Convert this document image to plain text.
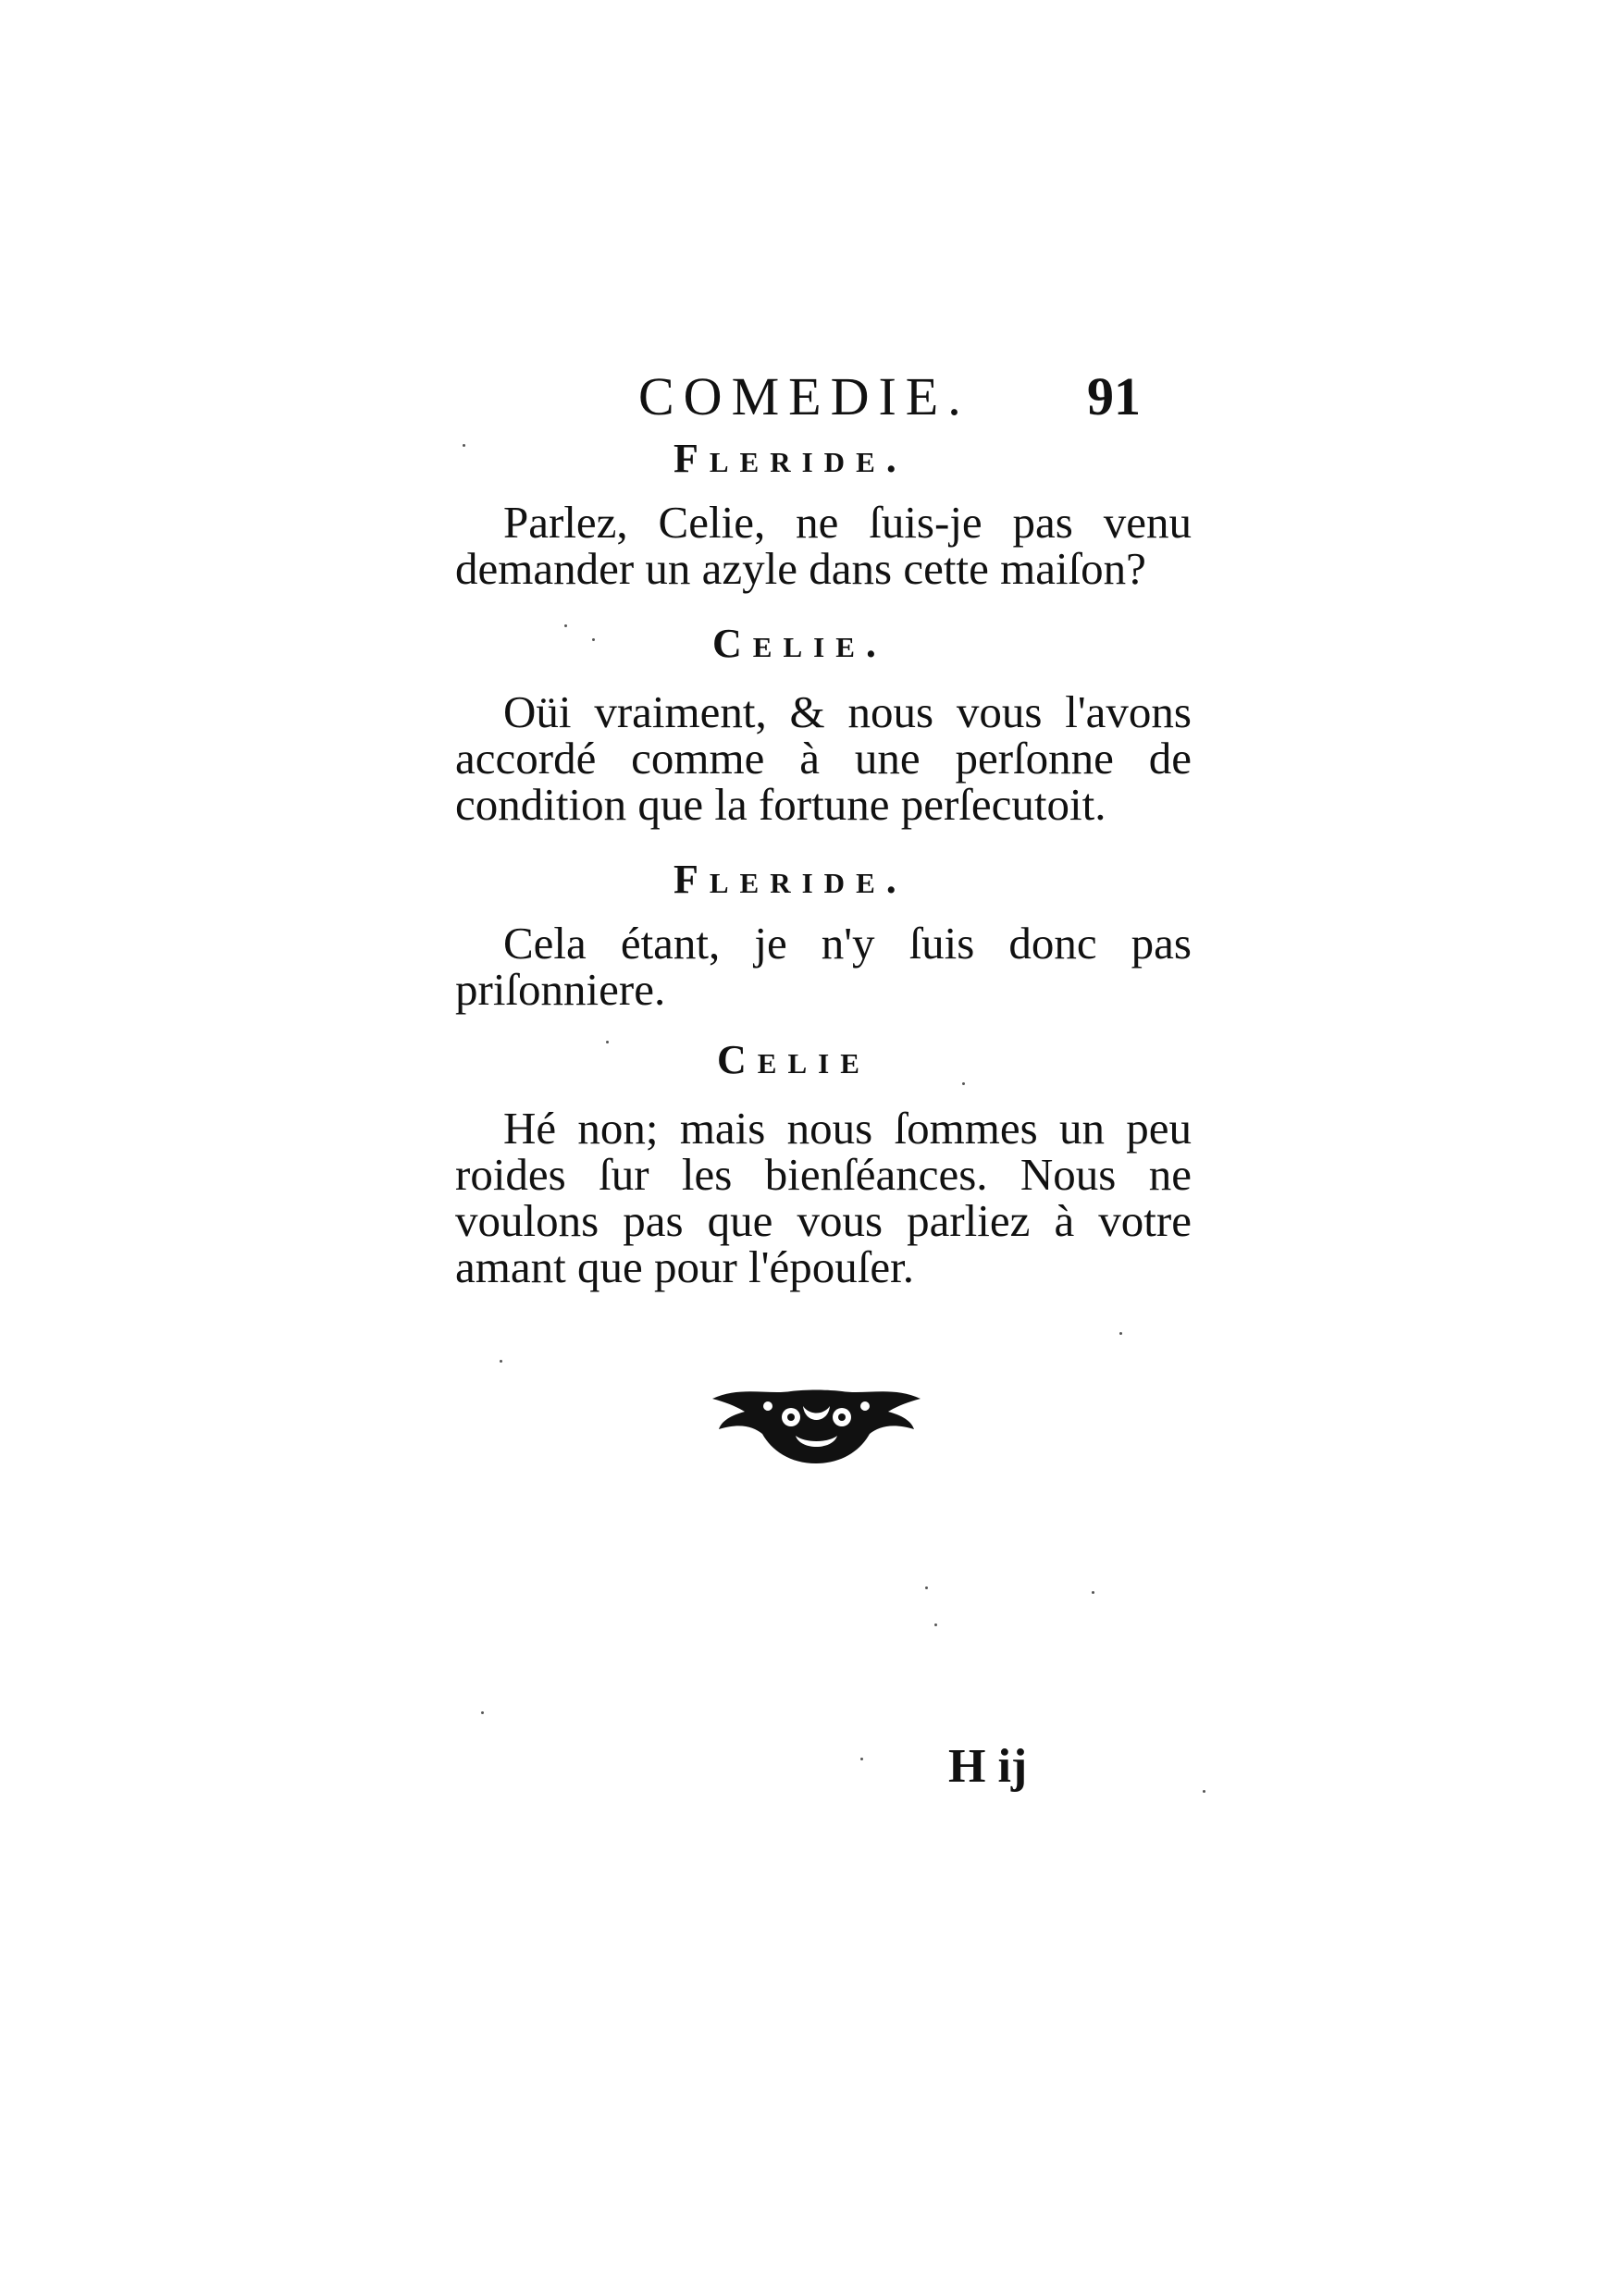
COMEDIE. 91
Fleride.
Parlez, Celie, ne ſuis-je pas venu demander un azyle dans cette maiſon?
Celie.
Oüi vraiment, & nous vous l'avons accordé comme à une perſonne de condition que la fortune perſecutoit.
Fleride.
Cela étant, je n'y ſuis donc pas priſonniere.
Celie
Hé non; mais nous ſommes un peu roides ſur les bienſéances. Nous ne voulons pas que vous parliez à votre amant que pour l'épouſer.
H ij
